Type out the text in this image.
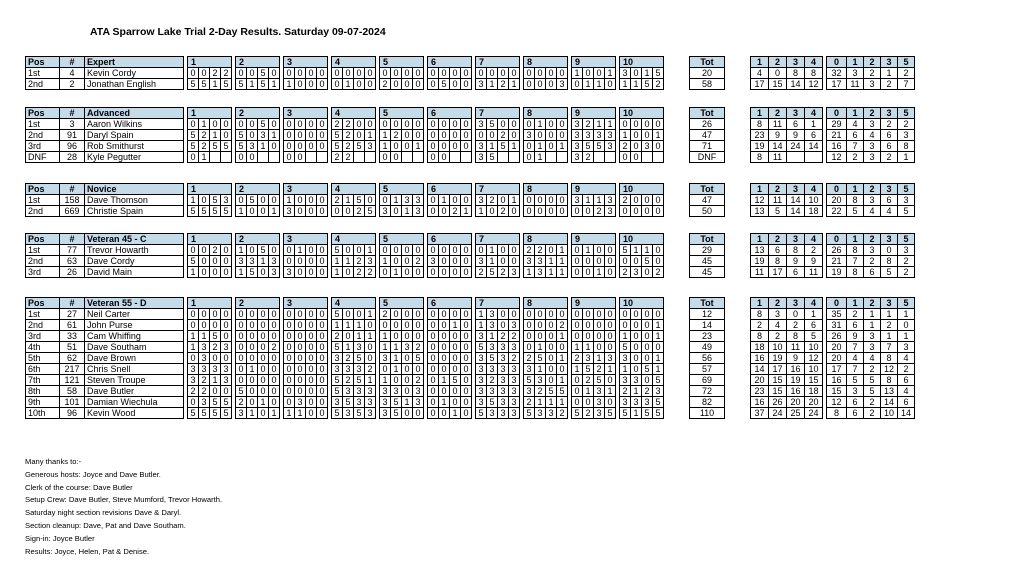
ATA Sparrow Lake Trial 2-Day Results. Saturday 09-07-2024
Pos	#	Expert		1		2		3		4		5		6		7		8		9		10		Tot		1	2	3	4		0	1	2	3	5
1st	4	Kevin Cordy		0 0 2 2		0 0 5 0		0 0 0 0		0 0 0 0		0 0 0 0		0 0 0 0		0 0 0 0		0 0 0 0		1 0 0 1		3 0 1 5		20		4	0	8	8		32	3	2	1	2
2nd	2	Jonathan English		5 5 1 5		5 1 5 1		1 0 0 0		0 1 0 0		2 0 0 0		0 5 0 0		3 1 2 1		0 0 0 3		0 1 1 0		1 1 5 2		58		17	15	14	12		17	11	3	2	7
Pos	#	Advanced		1		2		3		4		5		6		7		8		9		10		Tot		1	2	3	4		0	1	2	3	5
1st	3	Aaron Wilkins		0 1 0 0		0 0 5 0		0 0 0 0		2 2 0 0		0 0 0 0		0 0 0 0		3 5 0 0		0 1 0 0		3 2 1 1		0 0 0 0		26		8	11	6	1		29	4	3	2	2
2nd	91	Daryl Spain		5 2 1 0		5 0 3 1		0 0 0 0		5 2 0 1		1 2 0 0		0 0 0 0		0 0 2 0		3 0 0 0		3 3 3 3		1 0 0 1		47		23	9	9	6		21	6	4	6	3
3rd	96	Rob Smithurst		5 2 5 5		5 3 1 0		0 0 0 0		5 2 5 3		1 0 0 1		0 0 0 0		3 1 5 1		0 1 0 1		3 5 5 3		2 0 3 0		71		19	14	24	14		16	7	3	6	8
DNF	28	Kyle Pegutter		0 1		0 0		0 0		2 2		0 0		0 0		3 5		0 1		3 2		0 0		DNF		8	11				12	2	3	2	1
Pos	#	Novice		1		2		3		4		5		6		7		8		9		10		Tot		1	2	3	4		0	1	2	3	5
1st	158	Dave Thomson		1 0 5 3		0 5 0 0		1 0 0 0		2 1 5 0		0 1 3 3		0 1 0 0		3 2 0 1		0 0 0 0		3 1 1 3		2 0 0 0		47		12	11	14	10		20	8	3	6	3
2nd	669	Christie Spain		5 5 5 5		1 0 0 1		3 0 0 0		0 0 2 5		3 0 1 3		0 0 2 1		1 0 2 0		0 0 0 0		0 0 2 3		0 0 0 0		50		13	5	14	18		22	5	4	4	5
Pos	#	Veteran 45 - C		1		2		3		4		5		6		7		8		9		10		Tot		1	2	3	4		0	1	2	3	5
1st	77	Trevor Howarth		0 0 2 0		1 0 5 0		0 1 0 0		5 0 0 1		0 0 0 0		0 0 0 0		0 1 0 0		2 2 0 1		0 1 0 0		5 1 1 0		29		13	6	8	2		26	8	3	0	3
2nd	63	Dave Cordy		5 0 0 0		3 3 1 3		0 0 0 0		1 1 2 3		1 0 0 2		3 0 0 0		3 1 0 0		3 3 1 1		0 0 0 0		0 0 5 0		45		19	8	9	9		21	7	2	8	2
3rd	26	David Main		1 0 0 0		1 5 0 3		3 0 0 0		1 0 2 2		0 1 0 0		0 0 0 0		2 5 2 3		1 3 1 1		0 0 1 0		2 3 0 2		45		11	17	6	11		19	8	6	5	2
Pos	#	Veteran 55 - D		1		2		3		4		5		6		7		8		9		10		Tot		1	2	3	4		0	1	2	3	5
1st	27	Neil Carter		0 0 0 0		0 0 0 0		0 0 0 0		5 0 0 1		2 0 0 0		0 0 0 0		1 3 0 0		0 0 0 0		0 0 0 0		0 0 0 0		12		8	3	0	1		35	2	1	1	1
2nd	61	John Purse		0 0 0 0		0 0 0 0		0 0 0 0		1 1 1 0		0 0 0 0		0 0 1 0		1 3 0 3		0 0 0 2		0 0 0 0		0 0 0 1		14		2	4	2	6		31	6	1	2	0
3rd	33	Cam Whiffing		1 1 5 0		0 0 0 0		0 0 0 0		2 0 1 1		1 0 0 0		0 0 0 0		3 1 2 2		0 0 0 1		0 0 0 0		1 0 0 1		23		8	2	8	5		26	9	3	1	1
4th	51	Dave Southam		1 3 2 3		0 0 0 2		0 0 0 0		5 1 3 0		1 1 3 2		0 0 0 0		5 3 3 3		0 1 0 0		1 1 0 0		5 0 0 0		49		18	10	11	10		20	7	3	7	3
5th	62	Dave Brown		0 3 0 0		0 0 0 0		0 0 0 0		3 2 5 0		3 1 0 5		0 0 0 0		3 5 3 2		2 5 0 1		2 3 1 3		3 0 0 1		56		16	19	9	12		20	4	4	8	4
6th	217	Chris Snell		3 3 3 3		0 1 0 0		0 0 0 0		3 3 3 2		0 1 0 0		0 0 0 0		3 3 3 3		3 1 0 0		1 5 2 1		1 0 5 1		57		14	17	16	10		17	7	2	12	2
7th	121	Steven Troupe		3 2 1 3		0 0 0 0		0 0 0 0		5 2 5 1		1 0 0 2		0 1 5 0		3 2 3 3		5 3 0 1		0 2 5 0		3 3 0 5		69		20	15	19	15		16	5	5	8	6
8th	58	Dave Butler		2 2 0 0		5 0 0 0		0 0 0 0		5 3 3 3		3 3 0 3		0 0 0 0		3 3 3 3		3 2 5 5		0 1 3 1		2 1 2 3		72		23	15	16	18		15	3	5	13	4
9th	101	Damian Wiechula		0 3 5 5		2 0 1 0		0 3 0 0		3 5 3 3		3 5 1 3		0 1 0 0		3 5 3 3		2 1 1 1		0 0 3 0		3 3 3 5		82		16	26	20	20		12	6	2	14	6
10th	96	Kevin Wood		5 5 5 5		3 1 0 1		1 1 0 0		5 3 5 3		3 5 0 0		0 0 1 0		5 3 3 3		5 3 3 2		5 2 3 5		5 1 5 5		110		37	24	25	24		8	6	2	10	14
Many thanks to:-
Generous hosts: Joyce and Dave Butler.
Clerk of the course: Dave Butler
Setup Crew: Dave Butler, Steve Mumford, Trevor Howarth.
Saturday night section revisions Dave & Daryl.
Section cleanup: Dave, Pat and Dave Southam.
Sign-in: Joyce Butler
Results: Joyce, Helen, Pat & Denise.
